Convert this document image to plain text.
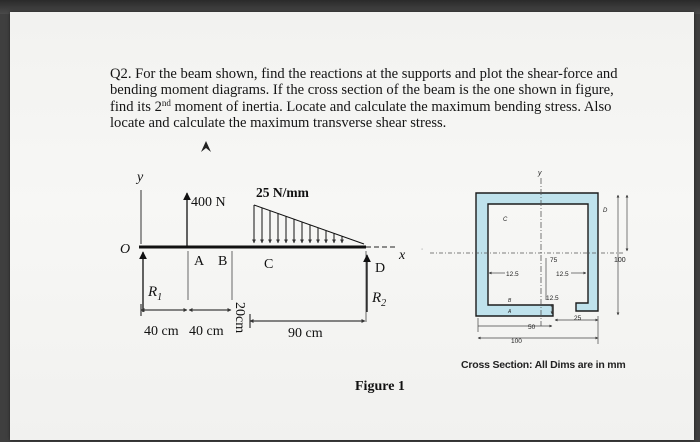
Q2. For the beam shown, find the reactions at the supports and plot the shear-force and
bending moment diagrams. If the cross section of the beam is the one shown in figure,
find its 2nd moment of inertia. Locate and calculate the maximum bending stress. Also
locate and calculate the maximum transverse shear stress.
y
O	x
400 N
25 N/mm
A B	C	D
$R_1$	$R_2$
40 cm 40 cm 20cm
90 cm
Figure 1
y
C
D
100
75
12.5	12.5
12.5
B
A
50
25
100
Cross Section: All Dims are in mm
⸱
